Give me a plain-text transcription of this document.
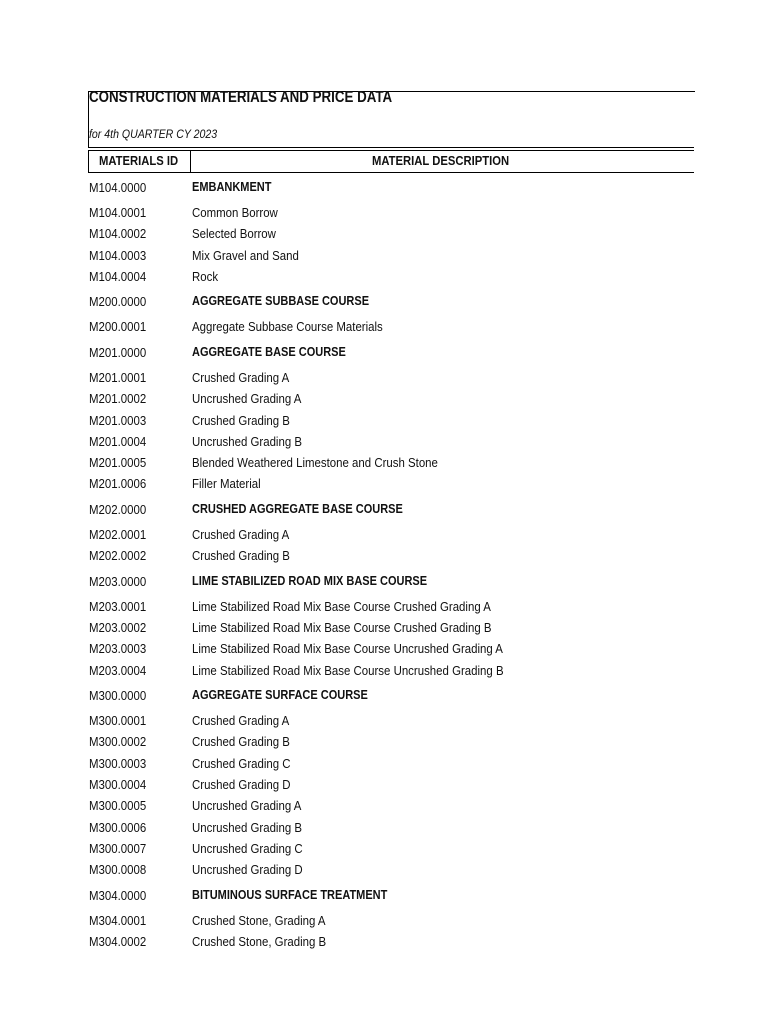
CONSTRUCTION MATERIALS AND PRICE DATA
for 4th QUARTER CY 2023
MATERIALS ID	MATERIAL DESCRIPTION
M104.0000	EMBANKMENT
M104.0001	Common Borrow
M104.0002	Selected Borrow
M104.0003	Mix Gravel and Sand
M104.0004	Rock
M200.0000	AGGREGATE SUBBASE COURSE
M200.0001	Aggregate Subbase Course Materials
M201.0000	AGGREGATE BASE COURSE
M201.0001	Crushed Grading A
M201.0002	Uncrushed Grading A
M201.0003	Crushed Grading B
M201.0004	Uncrushed Grading B
M201.0005	Blended Weathered Limestone and Crush Stone
M201.0006	Filler Material
M202.0000	CRUSHED AGGREGATE BASE COURSE
M202.0001	Crushed Grading A
M202.0002	Crushed Grading B
M203.0000	LIME STABILIZED ROAD MIX BASE COURSE
M203.0001	Lime Stabilized Road Mix Base Course Crushed Grading A
M203.0002	Lime Stabilized Road Mix Base Course Crushed Grading B
M203.0003	Lime Stabilized Road Mix Base Course Uncrushed Grading A
M203.0004	Lime Stabilized Road Mix Base Course Uncrushed Grading B
M300.0000	AGGREGATE SURFACE COURSE
M300.0001	Crushed Grading A
M300.0002	Crushed Grading B
M300.0003	Crushed Grading C
M300.0004	Crushed Grading D
M300.0005	Uncrushed Grading A
M300.0006	Uncrushed Grading B
M300.0007	Uncrushed Grading C
M300.0008	Uncrushed Grading D
M304.0000	BITUMINOUS SURFACE TREATMENT
M304.0001	Crushed Stone, Grading A
M304.0002	Crushed Stone, Grading B
